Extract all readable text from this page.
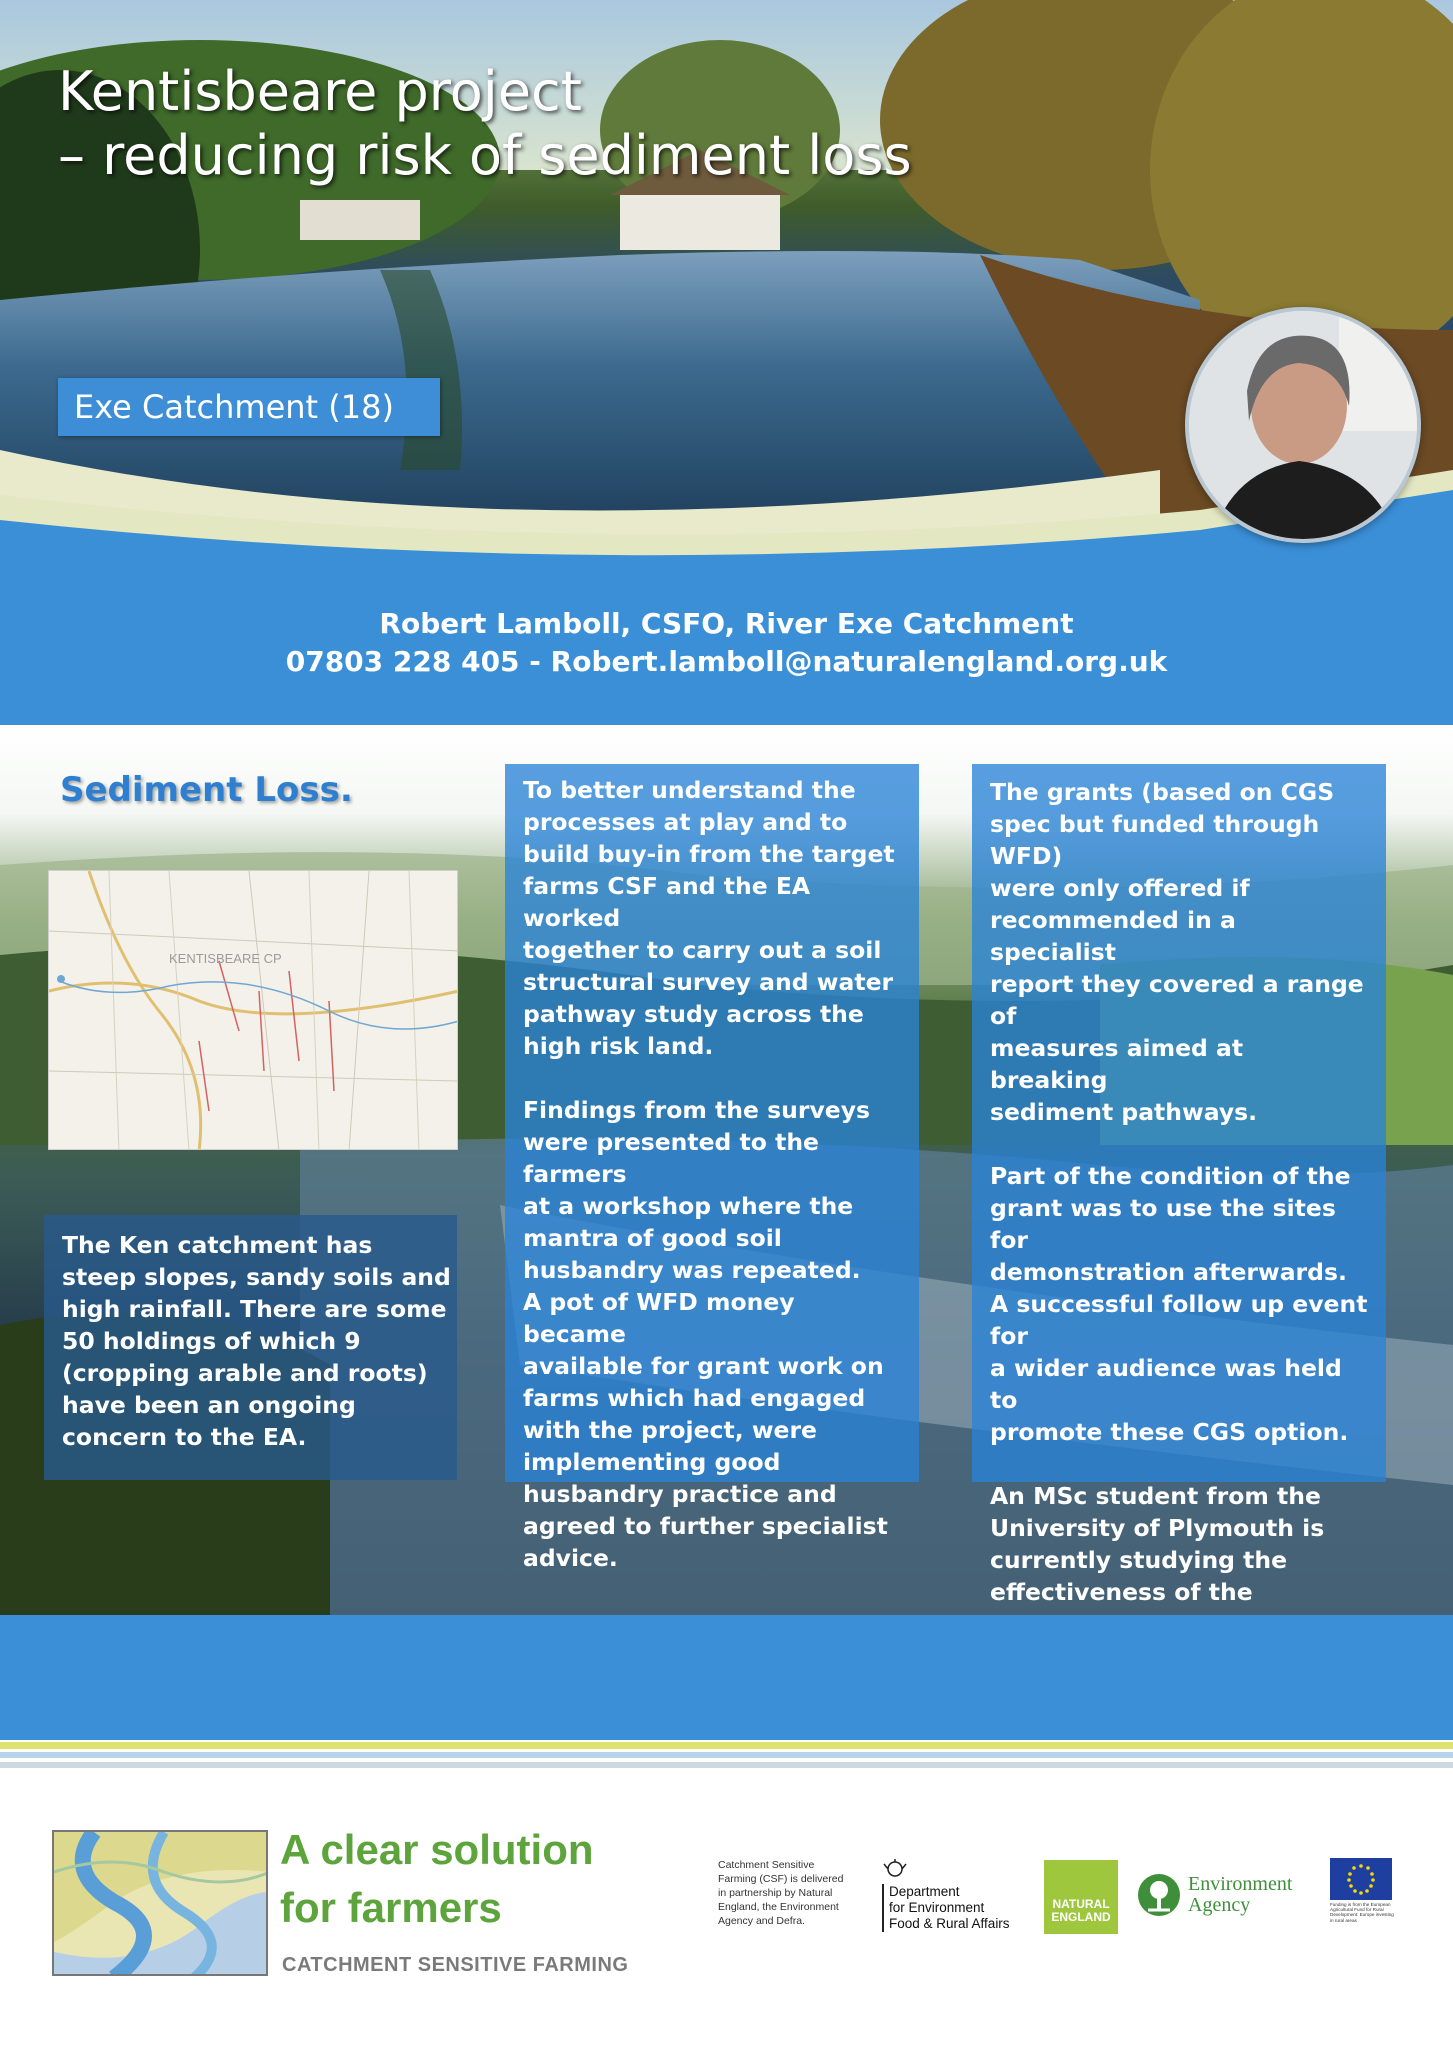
Kentisbeare project
– reducing risk of sediment loss
Exe Catchment (18)
Robert Lamboll, CSFO, River Exe Catchment
07803 228 405 - Robert.lamboll@naturalengland.org.uk
Sediment Loss.
KENTISBEARE CP
The Ken catchment has
steep slopes, sandy soils and
high rainfall. There are some
50 holdings of which 9
(cropping arable and roots)
have been an ongoing
concern to the EA.

To better understand the
processes at play and to
build buy-in from the target
farms CSF and the EA worked
together to carry out a soil
structural survey and water
pathway study across the
high risk land.

Findings from the surveys
were presented to the farmers
at a workshop where the
mantra of good soil
husbandry was repeated.
A pot of WFD money became
available for grant work on
farms which had engaged
with the project, were
implementing good
husbandry practice and
agreed to further specialist
advice.

The grants (based on CGS
spec but funded through WFD)
were only offered if
recommended in a specialist
report they covered a range of
measures aimed at breaking
sediment pathways.

Part of the condition of the
grant was to use the sites for
demonstration afterwards.
A successful follow up event for
a wider audience was held to
promote these CGS option.

An MSc student from the
University of Plymouth is
currently studying the
effectiveness of the

A clear solution
for farmers
CATCHMENT SENSITIVE FARMING
Catchment Sensitive
Farming (CSF) is delivered
in partnership by Natural
England, the Environment
Agency and Defra.
Department
for Environment
Food & Rural Affairs
NATURAL
ENGLAND
Environment
Agency	Funding is from the European Agricultural Fund for Rural Development: Europe investing in rural areas
